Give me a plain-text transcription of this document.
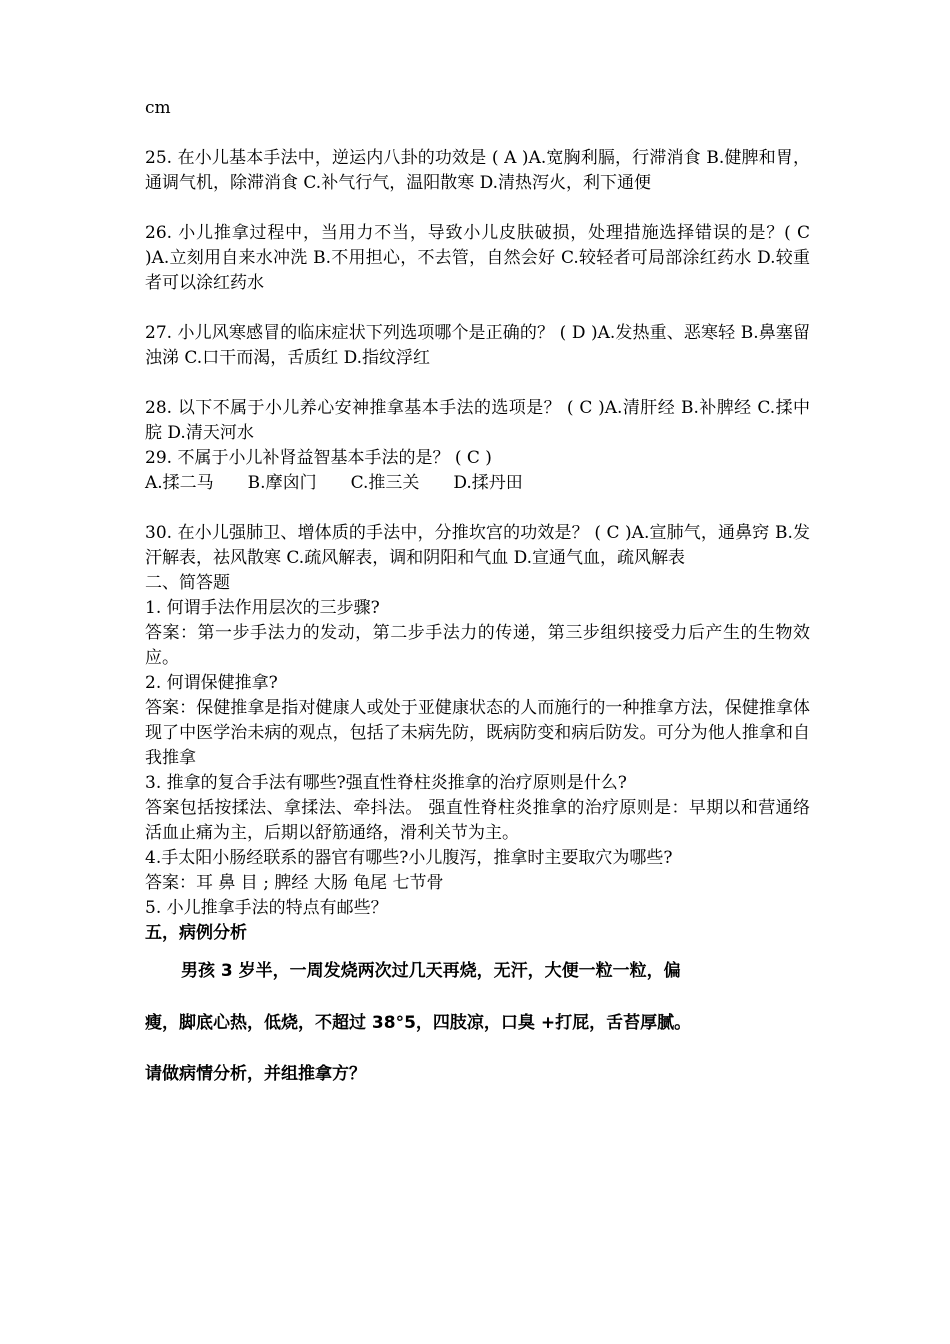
cm

25. 在小儿基本手法中，逆运内八卦的功效是 ( A )A.宽胸利膈，行滞消食 B.健脾和胃，通调气机，除滞消食 C.补气行气，温阳散寒 D.清热泻火，利下通便

26. 小儿推拿过程中，当用力不当，导致小儿皮肤破损，处理措施选择错误的是？( C )A.立刻用自来水冲洗 B.不用担心，不去管，自然会好 C.较轻者可局部涂红药水 D.较重者可以涂红药水

27. 小儿风寒感冒的临床症状下列选项哪个是正确的？ ( D )A.发热重、恶寒轻 B.鼻塞留浊涕 C.口干而渴，舌质红 D.指纹浮红

28. 以下不属于小儿养心安神推拿基本手法的选项是？ ( C )A.清肝经 B.补脾经 C.揉中脘 D.清天河水

29. 不属于小儿补肾益智基本手法的是？ ( C )

A.揉二马　　B.摩囟门　　C.推三关　　D.揉丹田

30. 在小儿强肺卫、增体质的手法中，分推坎宫的功效是？ ( C )A.宣肺气，通鼻窍 B.发汗解表，祛风散寒 C.疏风解表，调和阴阳和气血 D.宣通气血，疏风解表

二、简答题

1. 何谓手法作用层次的三步骤?

答案：第一步手法力的发动，第二步手法力的传递，第三步组织接受力后产生的生物效应。

2. 何谓保健推拿?

答案：保健推拿是指对健康人或处于亚健康状态的人而施行的一种推拿方法，保健推拿体现了中医学治未病的观点，包括了未病先防，既病防变和病后防发。可分为他人推拿和自我推拿

3. 推拿的复合手法有哪些?强直性脊柱炎推拿的治疗原则是什么?

答案包括按揉法、拿揉法、牵抖法。 强直性脊柱炎推拿的治疗原则是：早期以和营通络活血止痛为主，后期以舒筋通络，滑利关节为主。

4.手太阳小肠经联系的器官有哪些?小儿腹泻，推拿时主要取穴为哪些?

答案：耳 鼻 目 ; 脾经 大肠 龟尾 七节骨

5. 小儿推拿手法的特点有邮些？

五，病例分析

男孩 3 岁半，一周发烧两次过几天再烧，无汗，大便一粒一粒，偏

瘦，脚底心热，低烧，不超过 38°5，四肢凉，口臭 +打屁，舌苔厚腻。

请做病情分析，并组推拿方？
